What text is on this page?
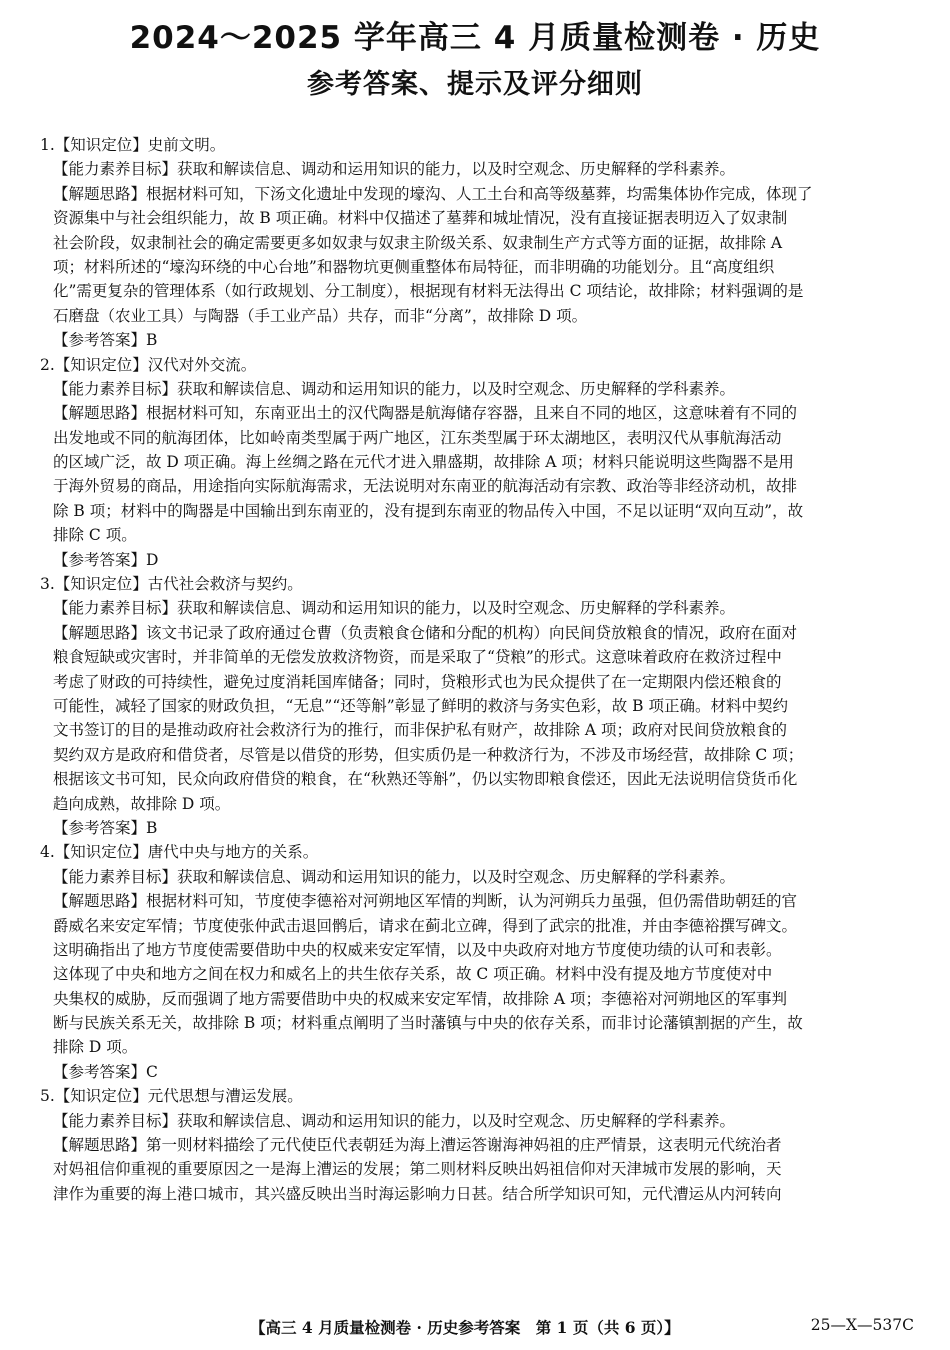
2024～2025 学年高三 4 月质量检测卷 · 历史
参考答案、提示及评分细则
1.【知识定位】史前文明。
【能力素养目标】获取和解读信息、调动和运用知识的能力，以及时空观念、历史解释的学科素养。
【解题思路】根据材料可知，下汤文化遗址中发现的壕沟、人工土台和高等级墓葬，均需集体协作完成，体现了
资源集中与社会组织能力，故 B 项正确。材料中仅描述了墓葬和城址情况，没有直接证据表明迈入了奴隶制
社会阶段，奴隶制社会的确定需要更多如奴隶与奴隶主阶级关系、奴隶制生产方式等方面的证据，故排除 A
项；材料所述的“壕沟环绕的中心台地”和器物坑更侧重整体布局特征，而非明确的功能划分。且“高度组织
化”需更复杂的管理体系（如行政规划、分工制度），根据现有材料无法得出 C 项结论，故排除；材料强调的是
石磨盘（农业工具）与陶器（手工业产品）共存，而非“分离”，故排除 D 项。
【参考答案】B
2.【知识定位】汉代对外交流。
【能力素养目标】获取和解读信息、调动和运用知识的能力，以及时空观念、历史解释的学科素养。
【解题思路】根据材料可知，东南亚出土的汉代陶器是航海储存容器，且来自不同的地区，这意味着有不同的
出发地或不同的航海团体，比如岭南类型属于两广地区，江东类型属于环太湖地区，表明汉代从事航海活动
的区域广泛，故 D 项正确。海上丝绸之路在元代才进入鼎盛期，故排除 A 项；材料只能说明这些陶器不是用
于海外贸易的商品，用途指向实际航海需求，无法说明对东南亚的航海活动有宗教、政治等非经济动机，故排
除 B 项；材料中的陶器是中国输出到东南亚的，没有提到东南亚的物品传入中国，不足以证明“双向互动”，故
排除 C 项。
【参考答案】D
3.【知识定位】古代社会救济与契约。
【能力素养目标】获取和解读信息、调动和运用知识的能力，以及时空观念、历史解释的学科素养。
【解题思路】该文书记录了政府通过仓曹（负责粮食仓储和分配的机构）向民间贷放粮食的情况，政府在面对
粮食短缺或灾害时，并非简单的无偿发放救济物资，而是采取了“贷粮”的形式。这意味着政府在救济过程中
考虑了财政的可持续性，避免过度消耗国库储备；同时，贷粮形式也为民众提供了在一定期限内偿还粮食的
可能性，减轻了国家的财政负担，“无息”“还等斛”彰显了鲜明的救济与务实色彩，故 B 项正确。材料中契约
文书签订的目的是推动政府社会救济行为的推行，而非保护私有财产，故排除 A 项；政府对民间贷放粮食的
契约双方是政府和借贷者，尽管是以借贷的形势，但实质仍是一种救济行为，不涉及市场经营，故排除 C 项；
根据该文书可知，民众向政府借贷的粮食，在“秋熟还等斛”，仍以实物即粮食偿还，因此无法说明信贷货币化
趋向成熟，故排除 D 项。
【参考答案】B
4.【知识定位】唐代中央与地方的关系。
【能力素养目标】获取和解读信息、调动和运用知识的能力，以及时空观念、历史解释的学科素养。
【解题思路】根据材料可知，节度使李德裕对河朔地区军情的判断，认为河朔兵力虽强，但仍需借助朝廷的官
爵威名来安定军情；节度使张仲武击退回鹘后，请求在蓟北立碑，得到了武宗的批准，并由李德裕撰写碑文。
这明确指出了地方节度使需要借助中央的权威来安定军情，以及中央政府对地方节度使功绩的认可和表彰。
这体现了中央和地方之间在权力和威名上的共生依存关系，故 C 项正确。材料中没有提及地方节度使对中
央集权的威胁，反而强调了地方需要借助中央的权威来安定军情，故排除 A 项；李德裕对河朔地区的军事判
断与民族关系无关，故排除 B 项；材料重点阐明了当时藩镇与中央的依存关系，而非讨论藩镇割据的产生，故
排除 D 项。
【参考答案】C
5.【知识定位】元代思想与漕运发展。
【能力素养目标】获取和解读信息、调动和运用知识的能力，以及时空观念、历史解释的学科素养。
【解题思路】第一则材料描绘了元代使臣代表朝廷为海上漕运答谢海神妈祖的庄严情景，这表明元代统治者
对妈祖信仰重视的重要原因之一是海上漕运的发展；第二则材料反映出妈祖信仰对天津城市发展的影响，天
津作为重要的海上港口城市，其兴盛反映出当时海运影响力日甚。结合所学知识可知，元代漕运从内河转向
【高三 4 月质量检测卷 · 历史参考答案　第 1 页（共 6 页）】	25—X—537C
